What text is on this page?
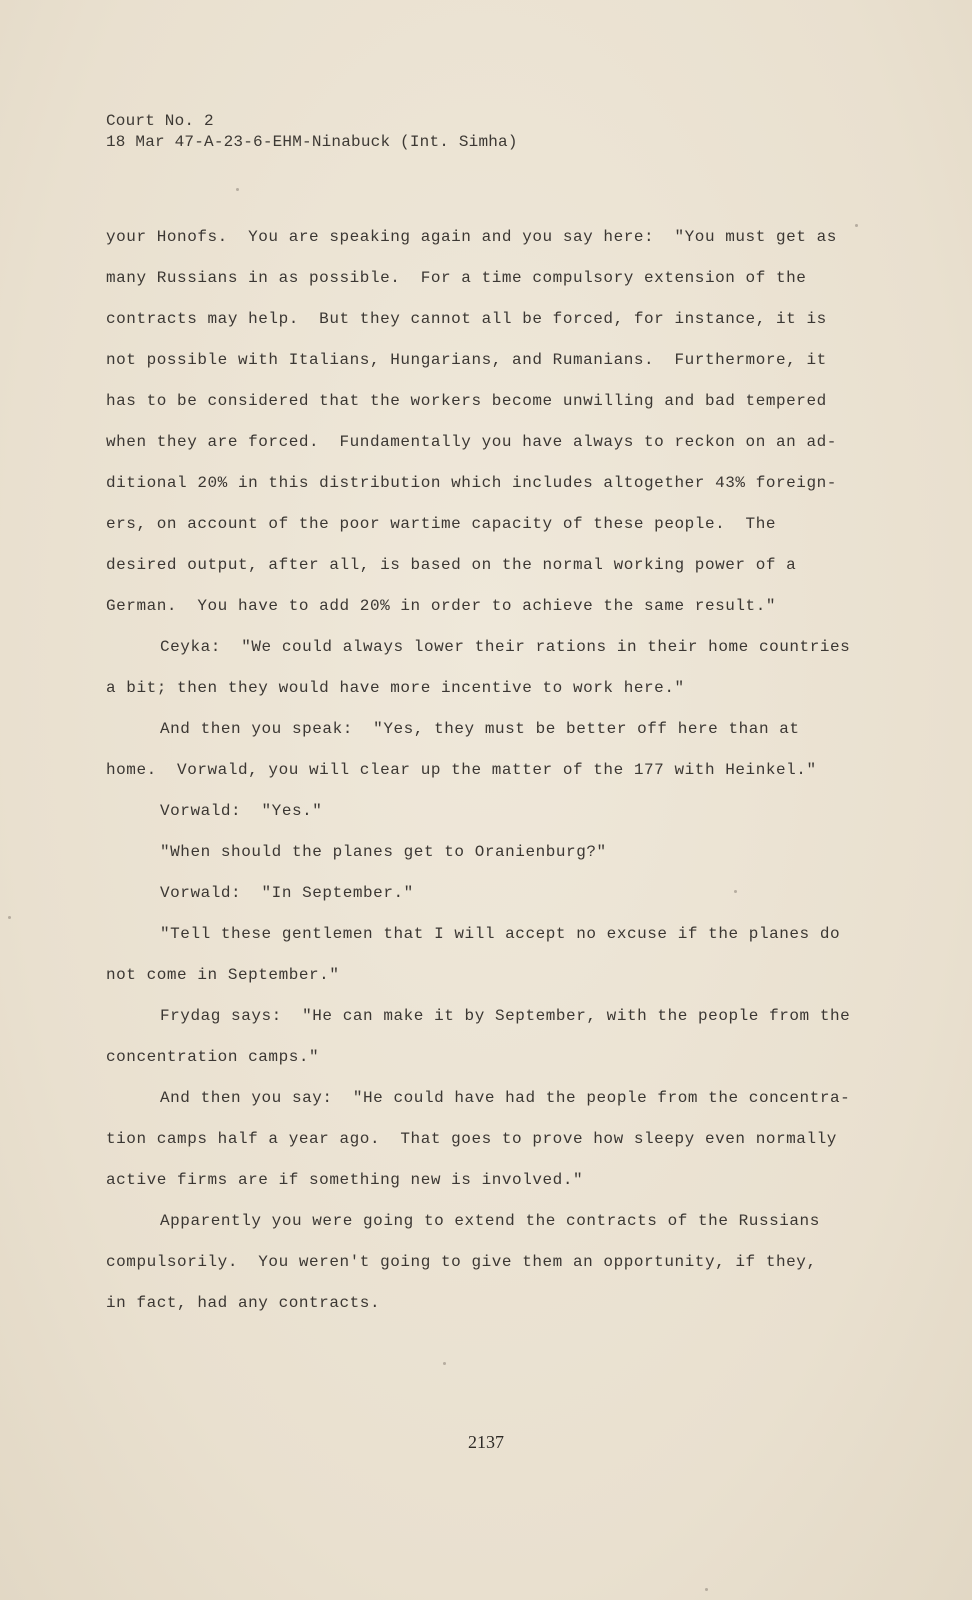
Court No. 2
18 Mar 47-A-23-6-EHM-Ninabuck (Int. Simha)
your Honofs.  You are speaking again and you say here:  "You must get as
many Russians in as possible.  For a time compulsory extension of the
contracts may help.  But they cannot all be forced, for instance, it is
not possible with Italians, Hungarians, and Rumanians.  Furthermore, it
has to be considered that the workers become unwilling and bad tempered
when they are forced.  Fundamentally you have always to reckon on an ad-
ditional 20% in this distribution which includes altogether 43% foreign-
ers, on account of the poor wartime capacity of these people.  The
desired output, after all, is based on the normal working power of a
German.  You have to add 20% in order to achieve the same result."
Ceyka:  "We could always lower their rations in their home countries
a bit; then they would have more incentive to work here."
And then you speak:  "Yes, they must be better off here than at
home.  Vorwald, you will clear up the matter of the 177 with Heinkel."
Vorwald:  "Yes."
"When should the planes get to Oranienburg?"
Vorwald:  "In September."
"Tell these gentlemen that I will accept no excuse if the planes do
not come in September."
Frydag says:  "He can make it by September, with the people from the
concentration camps."
And then you say:  "He could have had the people from the concentra-
tion camps half a year ago.  That goes to prove how sleepy even normally
active firms are if something new is involved."
Apparently you were going to extend the contracts of the Russians
compulsorily.  You weren't going to give them an opportunity, if they,
in fact, had any contracts.
2137
